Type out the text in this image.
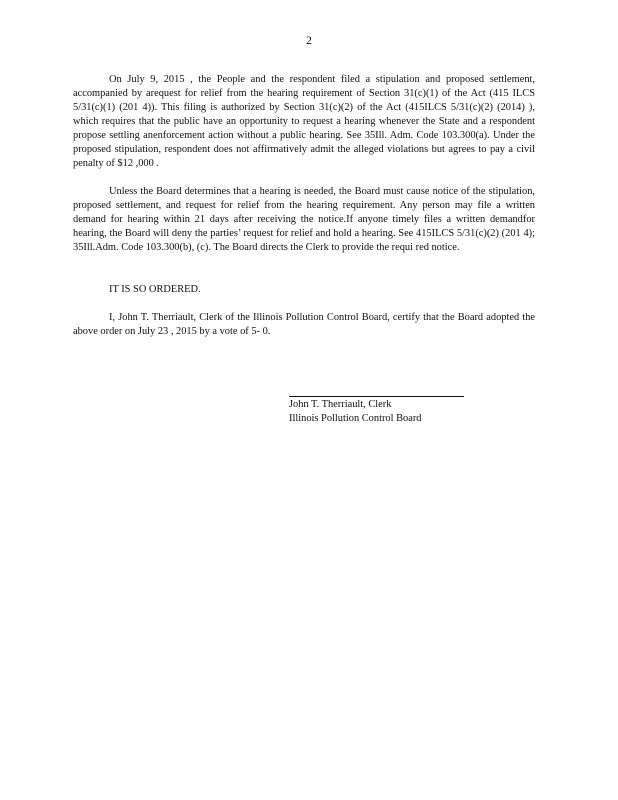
2

On July 9, 2015 , the People and the respondent filed a stipulation and proposed settlement, accompanied by arequest for relief from the hearing requirement of Section 31(c)(1) of the Act (415 ILCS 5/31(c)(1) (201 4)). This filing is authorized by Section 31(c)(2) of the Act (415ILCS 5/31(c)(2) (2014) ), which requires that the public have an opportunity to request a hearing whenever the State and a respondent propose settling anenforcement action without a public hearing. See 35Ill. Adm. Code 103.300(a). Under the proposed stipulation, respondent does not affirmatively admit the alleged violations but agrees to pay a civil penalty of $12 ,000 .

Unless the Board determines that a hearing is needed, the Board must cause notice of the stipulation, proposed settlement, and request for relief from the hearing requirement. Any person may file a written demand for hearing within 21 days after receiving the notice.If anyone timely files a written demandfor hearing, the Board will deny the parties’ request for relief and hold a hearing. See 415ILCS 5/31(c)(2) (201 4); 35Ill.Adm. Code 103.300(b), (c). The Board directs the Clerk to provide the requi red notice.

IT IS SO ORDERED.

I, John T. Therriault, Clerk of the Illinois Pollution Control Board, certify that the Board adopted the above order on July 23 , 2015 by a vote of 5- 0.

John T. Therriault, Clerk
Illinois Pollution Control Board
